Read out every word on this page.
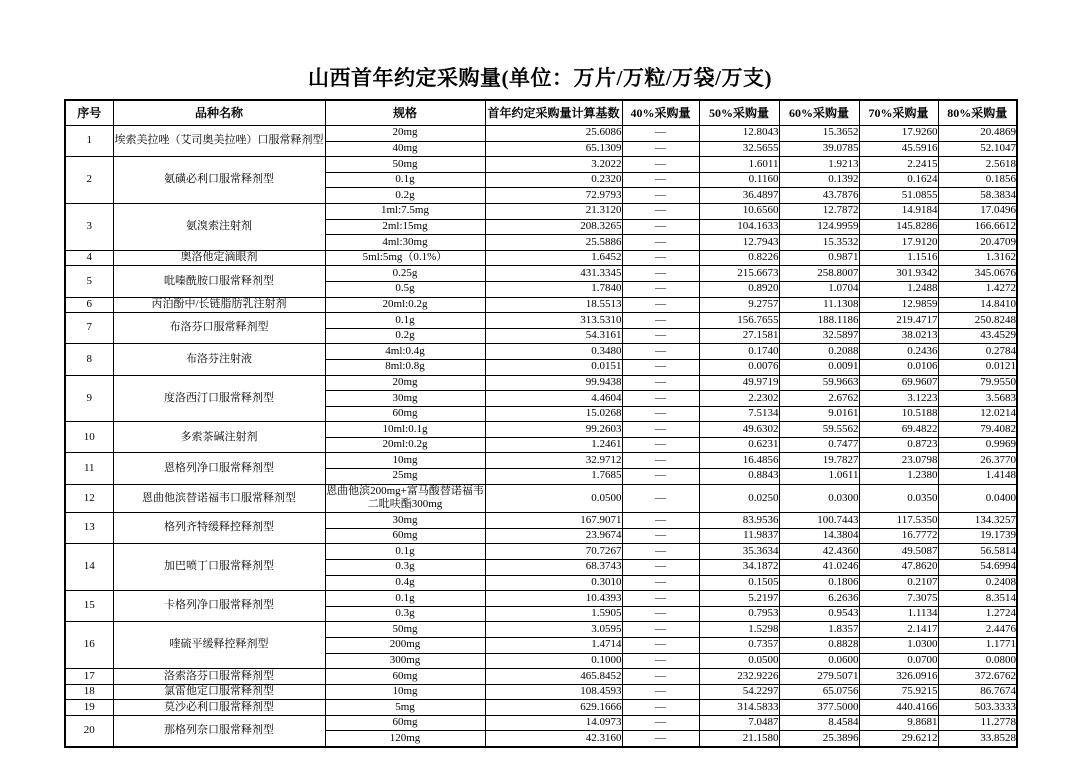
山西首年约定采购量(单位：万片/万粒/万袋/万支)
序号	品种名称	规格	首年约定采购量计算基数	40%采购量	50%采购量	60%采购量	70%采购量	80%采购量
1	埃索美拉唑（艾司奥美拉唑）口服常释剂型	20mg	25.6086	—	12.8043	15.3652	17.9260	20.4869
		40mg	65.1309	—	32.5655	39.0785	45.5916	52.1047
2	氨磺必利口服常释剂型	50mg	3.2022	—	1.6011	1.9213	2.2415	2.5618
		0.1g	0.2320	—	0.1160	0.1392	0.1624	0.1856
		0.2g	72.9793	—	36.4897	43.7876	51.0855	58.3834
3	氨溴索注射剂	1ml:7.5mg	21.3120	—	10.6560	12.7872	14.9184	17.0496
		2ml:15mg	208.3265	—	104.1633	124.9959	145.8286	166.6612
		4ml:30mg	25.5886	—	12.7943	15.3532	17.9120	20.4709
4	奥洛他定滴眼剂	5ml:5mg（0.1%）	1.6452	—	0.8226	0.9871	1.1516	1.3162
5	吡嗪酰胺口服常释剂型	0.25g	431.3345	—	215.6673	258.8007	301.9342	345.0676
		0.5g	1.7840	—	0.8920	1.0704	1.2488	1.4272
6	丙泊酚中/长链脂肪乳注射剂	20ml:0.2g	18.5513	—	9.2757	11.1308	12.9859	14.8410
7	布洛芬口服常释剂型	0.1g	313.5310	—	156.7655	188.1186	219.4717	250.8248
		0.2g	54.3161	—	27.1581	32.5897	38.0213	43.4529
8	布洛芬注射液	4ml:0.4g	0.3480	—	0.1740	0.2088	0.2436	0.2784
		8ml:0.8g	0.0151	—	0.0076	0.0091	0.0106	0.0121
9	度洛西汀口服常释剂型	20mg	99.9438	—	49.9719	59.9663	69.9607	79.9550
		30mg	4.4604	—	2.2302	2.6762	3.1223	3.5683
		60mg	15.0268	—	7.5134	9.0161	10.5188	12.0214
10	多索茶碱注射剂	10ml:0.1g	99.2603	—	49.6302	59.5562	69.4822	79.4082
		20ml:0.2g	1.2461	—	0.6231	0.7477	0.8723	0.9969
11	恩格列净口服常释剂型	10mg	32.9712	—	16.4856	19.7827	23.0798	26.3770
		25mg	1.7685	—	0.8843	1.0611	1.2380	1.4148
12	恩曲他滨替诺福韦口服常释剂型	恩曲他滨200mg+富马酸替诺福韦二吡呋酯300mg	0.0500	—	0.0250	0.0300	0.0350	0.0400
13	格列齐特缓释控释剂型	30mg	167.9071	—	83.9536	100.7443	117.5350	134.3257
		60mg	23.9674	—	11.9837	14.3804	16.7772	19.1739
14	加巴喷丁口服常释剂型	0.1g	70.7267	—	35.3634	42.4360	49.5087	56.5814
		0.3g	68.3743	—	34.1872	41.0246	47.8620	54.6994
		0.4g	0.3010	—	0.1505	0.1806	0.2107	0.2408
15	卡格列净口服常释剂型	0.1g	10.4393	—	5.2197	6.2636	7.3075	8.3514
		0.3g	1.5905	—	0.7953	0.9543	1.1134	1.2724
16	喹硫平缓释控释剂型	50mg	3.0595	—	1.5298	1.8357	2.1417	2.4476
		200mg	1.4714	—	0.7357	0.8828	1.0300	1.1771
		300mg	0.1000	—	0.0500	0.0600	0.0700	0.0800
17	洛索洛芬口服常释剂型	60mg	465.8452	—	232.9226	279.5071	326.0916	372.6762
18	氯雷他定口服常释剂型	10mg	108.4593	—	54.2297	65.0756	75.9215	86.7674
19	莫沙必利口服常释剂型	5mg	629.1666	—	314.5833	377.5000	440.4166	503.3333
20	那格列奈口服常释剂型	60mg	14.0973	—	7.0487	8.4584	9.8681	11.2778
		120mg	42.3160	—	21.1580	25.3896	29.6212	33.8528
